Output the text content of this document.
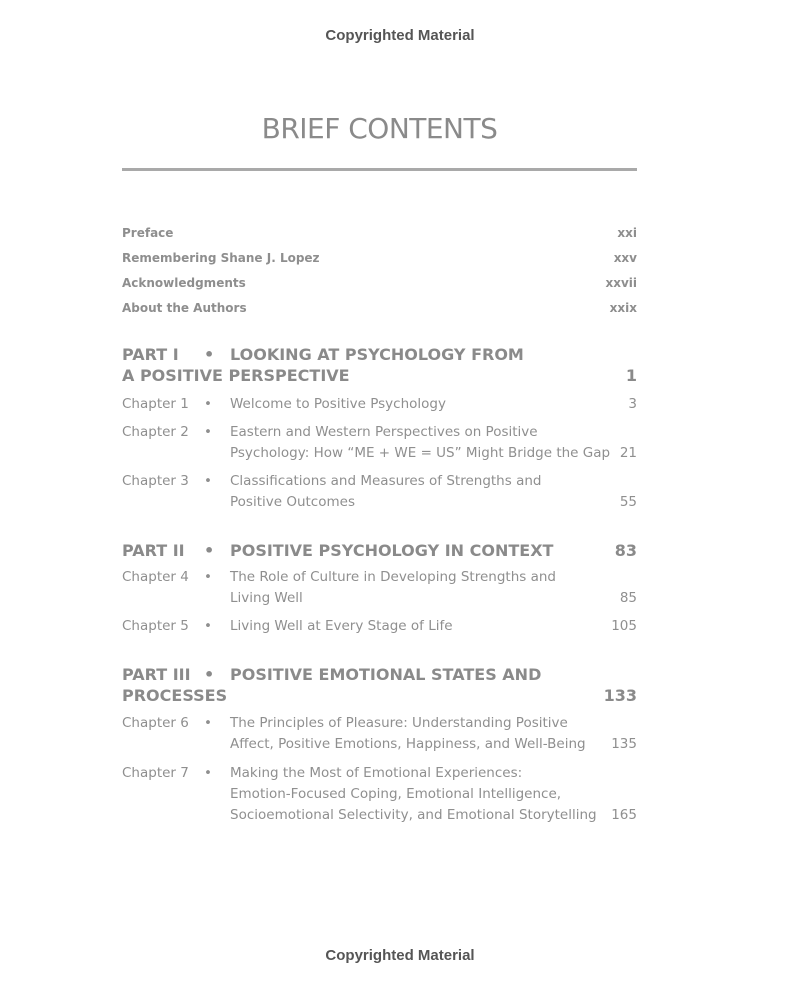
Copyrighted Material
BRIEF CONTENTS
Preface	xxi
Remembering Shane J. Lopez	xxv
Acknowledgments	xxvii
About the Authors	xxix
PART I • LOOKING AT PSYCHOLOGY FROM
A POSITIVE PERSPECTIVE	1
Chapter 1 • Welcome to Positive Psychology	3
Chapter 2 • Eastern and Western Perspectives on Positive
Psychology: How “ME + WE = US” Might Bridge the Gap 21
Chapter 3 • Classifications and Measures of Strengths and
Positive Outcomes	55
PART II • POSITIVE PSYCHOLOGY IN CONTEXT	83
Chapter 4 • The Role of Culture in Developing Strengths and
Living Well	85
Chapter 5 • Living Well at Every Stage of Life	105
PART III • POSITIVE EMOTIONAL STATES AND
PROCESSES	133
Chapter 6 • The Principles of Pleasure: Understanding Positive
Affect, Positive Emotions, Happiness, and Well-Being	135
Chapter 7 • Making the Most of Emotional Experiences:
Emotion-Focused Coping, Emotional Intelligence,
Socioemotional Selectivity, and Emotional Storytelling 165
Copyrighted Material
